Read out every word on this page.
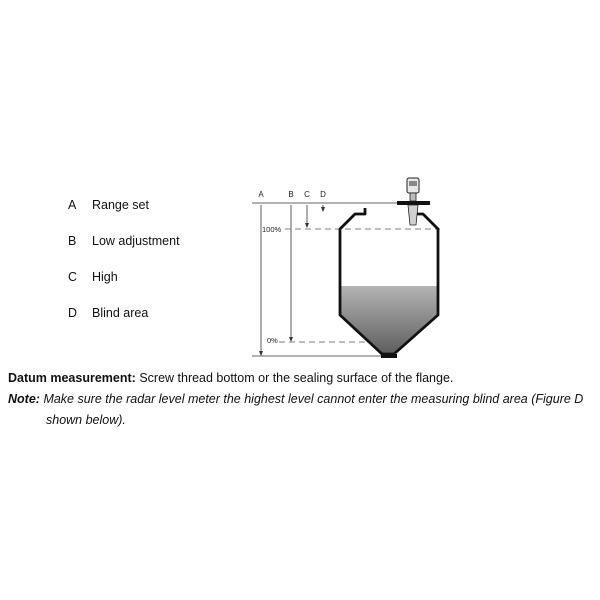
A	Range set
B	Low adjustment
C	High
D	Blind area
A	B C D
100%
0%
Datum measurement: Screw thread bottom or the sealing surface of the flange.
Note: Make sure the radar level meter the highest level cannot enter the measuring blind area (Figure D
shown below).
